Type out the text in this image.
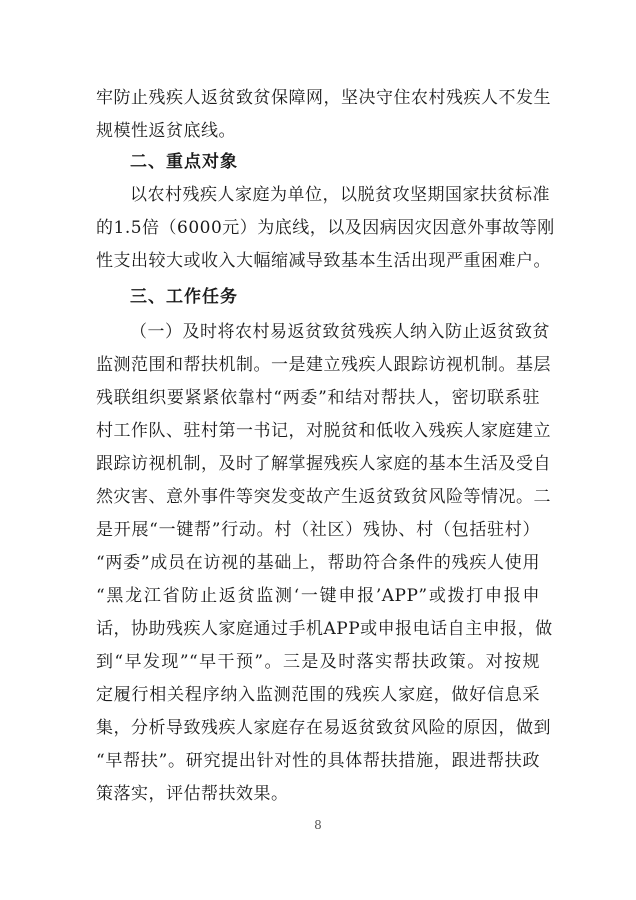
牢防止残疾人返贫致贫保障网，坚决守住农村残疾人不发生
规模性返贫底线。
二、重点对象
以农村残疾人家庭为单位，以脱贫攻坚期国家扶贫标准
的1.5倍（6000元）为底线，以及因病因灾因意外事故等刚
性支出较大或收入大幅缩减导致基本生活出现严重困难户。
三、工作任务
（一）及时将农村易返贫致贫残疾人纳入防止返贫致贫
监测范围和帮扶机制。一是建立残疾人跟踪访视机制。基层
残联组织要紧紧依靠村“两委”和结对帮扶人，密切联系驻
村工作队、驻村第一书记，对脱贫和低收入残疾人家庭建立
跟踪访视机制，及时了解掌握残疾人家庭的基本生活及受自
然灾害、意外事件等突发变故产生返贫致贫风险等情况。二
是开展“一键帮”行动。村（社区）残协、村（包括驻村）
“两委”成员在访视的基础上，帮助符合条件的残疾人使用
“黑龙江省防止返贫监测‘一键申报’APP”或拨打申报申
话，协助残疾人家庭通过手机APP或申报电话自主申报，做
到“早发现”“早干预”。三是及时落实帮扶政策。对按规
定履行相关程序纳入监测范围的残疾人家庭，做好信息采
集，分析导致残疾人家庭存在易返贫致贫风险的原因，做到
“早帮扶”。研究提出针对性的具体帮扶措施，跟进帮扶政
策落实，评估帮扶效果。
8
